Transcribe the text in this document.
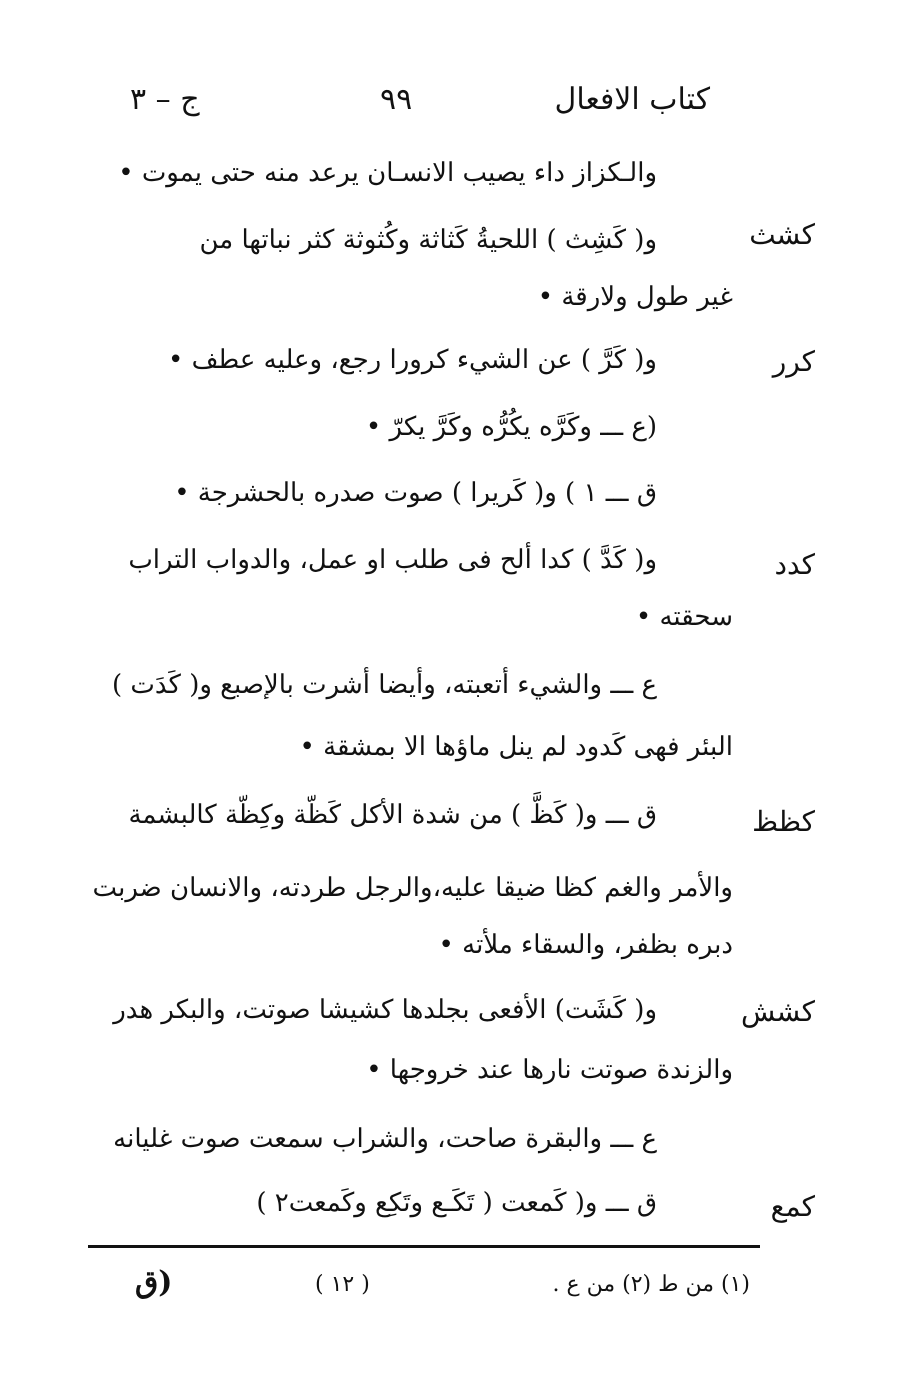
كتاب الافعال
٩٩
ج – ٣
والـكزاز داء يصيب الانسـان يرعد منه حتى يموت •
كشث
و( كَشِث ) اللحيةُ كَثاثة وكُثوثة كثر نباتها من
غير طول ولارقة •
كرر
و( كَرَّ ) عن الشيء كرورا رجع، وعليه عطف •
(ع ـــ وكَرَّه يكُرُّه وكَرَّ يكرّ •
ق ـــ ١ ) و( كَريرا ) صوت صدره بالحشرجة •
كدد
و( كَدَّ ) كدا ألح فى طلب او عمل، والدواب التراب
سحقته •
ع ـــ والشيء أتعبته، وأيضا أشرت بالإصبع و( كَدَت )
البئر فهى كَدود لم ينل ماؤها الا بمشقة •
كظظ
ق ـــ و( كَظَّ ) من شدة الأكل كَظّة وكِظّة كالبشمة
والأمر والغم كظا ضيقا عليه،والرجل طردته، والانسان ضربت
دبره بظفر، والسقاء ملأته •
كشش
و( كَشَت) الأفعى بجلدها كشيشا صوتت، والبكر هدر
والزندة صوتت نارها عند خروجها •
ع ـــ والبقرة صاحت، والشراب سمعت صوت غليانه
كمع
ق ـــ و( كَمعت ( تَكَـع وتَكِع وكَمعت٢ )
(١) من ط (٢) من ع .
( ١٢ )
(ق
